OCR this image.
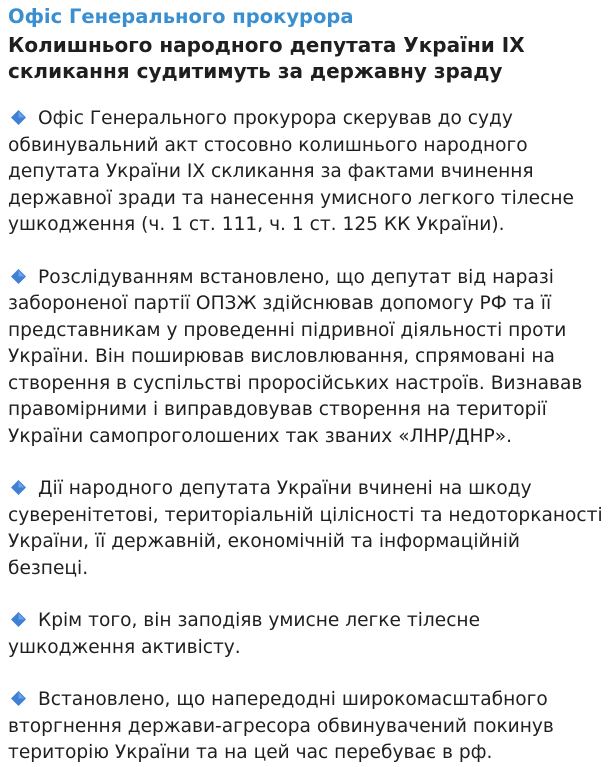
Офіс Генерального прокурора
Колишнього народного депутата України IX скликання судитимуть за державну зраду
Офіс Генерального прокурора скерував до суду обвинувальний акт стосовно колишнього народного депутата України IX скликання за фактами вчинення державної зради та нанесення умисного легкого тілесне ушкодження (ч. 1 ст. 111, ч. 1 ст. 125 КК України).
Розслідуванням встановлено, що депутат від наразі забороненої партії ОПЗЖ здійснював допомогу РФ та її представникам у проведенні підривної діяльності проти України. Він поширював висловлювання, спрямовані на створення в суспільстві проросійських настроїв. Визнавав правомірними і виправдовував створення на території України самопроголошених так званих «ЛНР/ДНР».
Дії народного депутата України вчинені на шкоду суверенітетові, територіальній цілісності та недоторканості України, її державній, економічній та інформаційній безпеці.
Крім того, він заподіяв умисне легке тілесне ушкодження активісту.
Встановлено, що напередодні широкомасштабного вторгнення держави-агресора обвинувачений покинув територію України та на цей час перебуває в рф.
